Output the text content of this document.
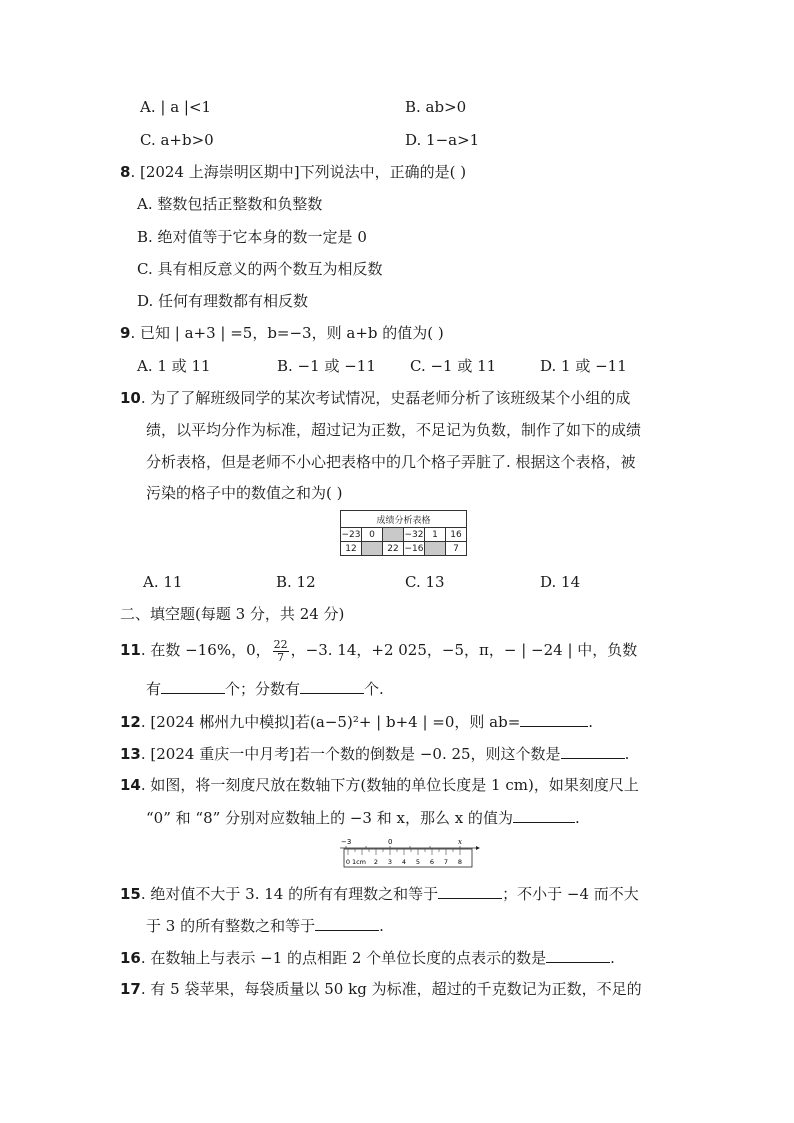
A. | a |<1	B. ab>0
C. a+b>0	D. 1−a>1
8. [2024 上海崇明区期中]下列说法中，正确的是( )
A. 整数包括正整数和负整数
B. 绝对值等于它本身的数一定是 0
C. 具有相反意义的两个数互为相反数
D. 任何有理数都有相反数
9. 已知 | a+3 | =5，b=−3，则 a+b 的值为( )
A. 1 或 11	B. −1 或 −11 C. −1 或 11	D. 1 或 −11
10. 为了了解班级同学的某次考试情况，史磊老师分析了该班级某个小组的成
绩，以平均分作为标准，超过记为正数，不足记为负数，制作了如下的成绩
分析表格，但是老师不小心把表格中的几个格子弄脏了. 根据这个表格，被
污染的格子中的数值之和为( )
成绩分析表格					
−23	0		−32	1	16
12		22	−16		7
A. 11	B. 12	C. 13	D. 14
二、填空题(每题 3 分，共 24 分)
11. 在数 −16%，0， $\frac{22}{7}$ ，−3. 14，+2 025，−5，π，− | −24 | 中，负数
有	个；分数有	个.
12. [2024 郴州九中模拟]若(a−5)²+ | b+4 | =0，则 ab=	.
13. [2024 重庆一中月考]若一个数的倒数是 −0. 25，则这个数是	.
14. 如图，将一刻度尺放在数轴下方(数轴的单位长度是 1 cm)，如果刻度尺上
“0” 和 “8” 分别对应数轴上的 −3 和 x，那么 x 的值为	.
−3	0	x
0 1cm 2 3 4 5 6 7 8
15. 绝对值不大于 3. 14 的所有有理数之和等于	；不小于 −4 而不大
于 3 的所有整数之和等于	.
16. 在数轴上与表示 −1 的点相距 2 个单位长度的点表示的数是	.
17. 有 5 袋苹果，每袋质量以 50 kg 为标准，超过的千克数记为正数，不足的
